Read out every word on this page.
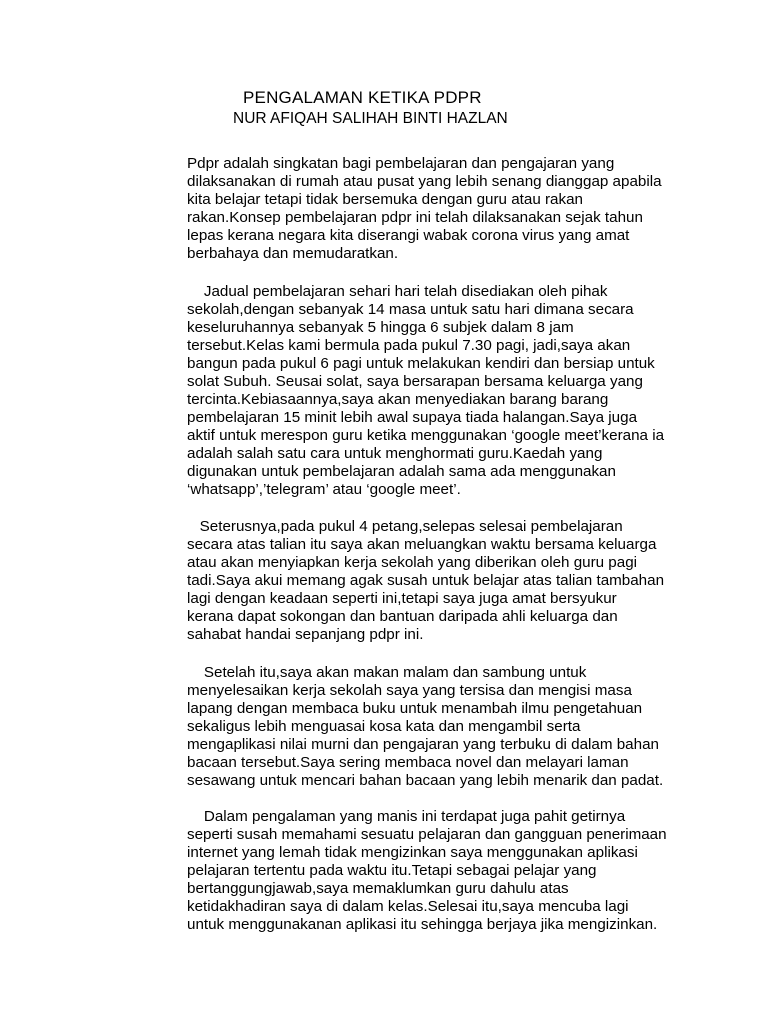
PENGALAMAN KETIKA PDPR
NUR AFIQAH SALIHAH BINTI HAZLAN
Pdpr adalah singkatan bagi pembelajaran dan pengajaran yang
dilaksanakan di rumah atau pusat yang lebih senang dianggap apabila
kita belajar tetapi tidak bersemuka dengan guru atau rakan
rakan.Konsep pembelajaran pdpr ini telah dilaksanakan sejak tahun
lepas kerana negara kita diserangi wabak corona virus yang amat
berbahaya dan memudaratkan.
Jadual pembelajaran sehari hari telah disediakan oleh pihak
sekolah,dengan sebanyak 14 masa untuk satu hari dimana secara
keseluruhannya sebanyak 5 hingga 6 subjek dalam 8 jam
tersebut.Kelas kami bermula pada pukul 7.30 pagi, jadi,saya akan
bangun pada pukul 6 pagi untuk melakukan kendiri dan bersiap untuk
solat Subuh. Seusai solat, saya bersarapan bersama keluarga yang
tercinta.Kebiasaannya,saya akan menyediakan barang barang
pembelajaran 15 minit lebih awal supaya tiada halangan.Saya juga
aktif untuk merespon guru ketika menggunakan ‘google meet’kerana ia
adalah salah satu cara untuk menghormati guru.Kaedah yang
digunakan untuk pembelajaran adalah sama ada menggunakan
‘whatsapp’,’telegram’ atau ‘google meet’.
Seterusnya,pada pukul 4 petang,selepas selesai pembelajaran
secara atas talian itu saya akan meluangkan waktu bersama keluarga
atau akan menyiapkan kerja sekolah yang diberikan oleh guru pagi
tadi.Saya akui memang agak susah untuk belajar atas talian tambahan
lagi dengan keadaan seperti ini,tetapi saya juga amat bersyukur
kerana dapat sokongan dan bantuan daripada ahli keluarga dan
sahabat handai sepanjang pdpr ini.
Setelah itu,saya akan makan malam dan sambung untuk
menyelesaikan kerja sekolah saya yang tersisa dan mengisi masa
lapang dengan membaca buku untuk menambah ilmu pengetahuan
sekaligus lebih menguasai kosa kata dan mengambil serta
mengaplikasi nilai murni dan pengajaran yang terbuku di dalam bahan
bacaan tersebut.Saya sering membaca novel dan melayari laman
sesawang untuk mencari bahan bacaan yang lebih menarik dan padat.
Dalam pengalaman yang manis ini terdapat juga pahit getirnya
seperti susah memahami sesuatu pelajaran dan gangguan penerimaan
internet yang lemah tidak mengizinkan saya menggunakan aplikasi
pelajaran tertentu pada waktu itu.Tetapi sebagai pelajar yang
bertanggungjawab,saya memaklumkan guru dahulu atas
ketidakhadiran saya di dalam kelas.Selesai itu,saya mencuba lagi
untuk menggunakanan aplikasi itu sehingga berjaya jika mengizinkan.
